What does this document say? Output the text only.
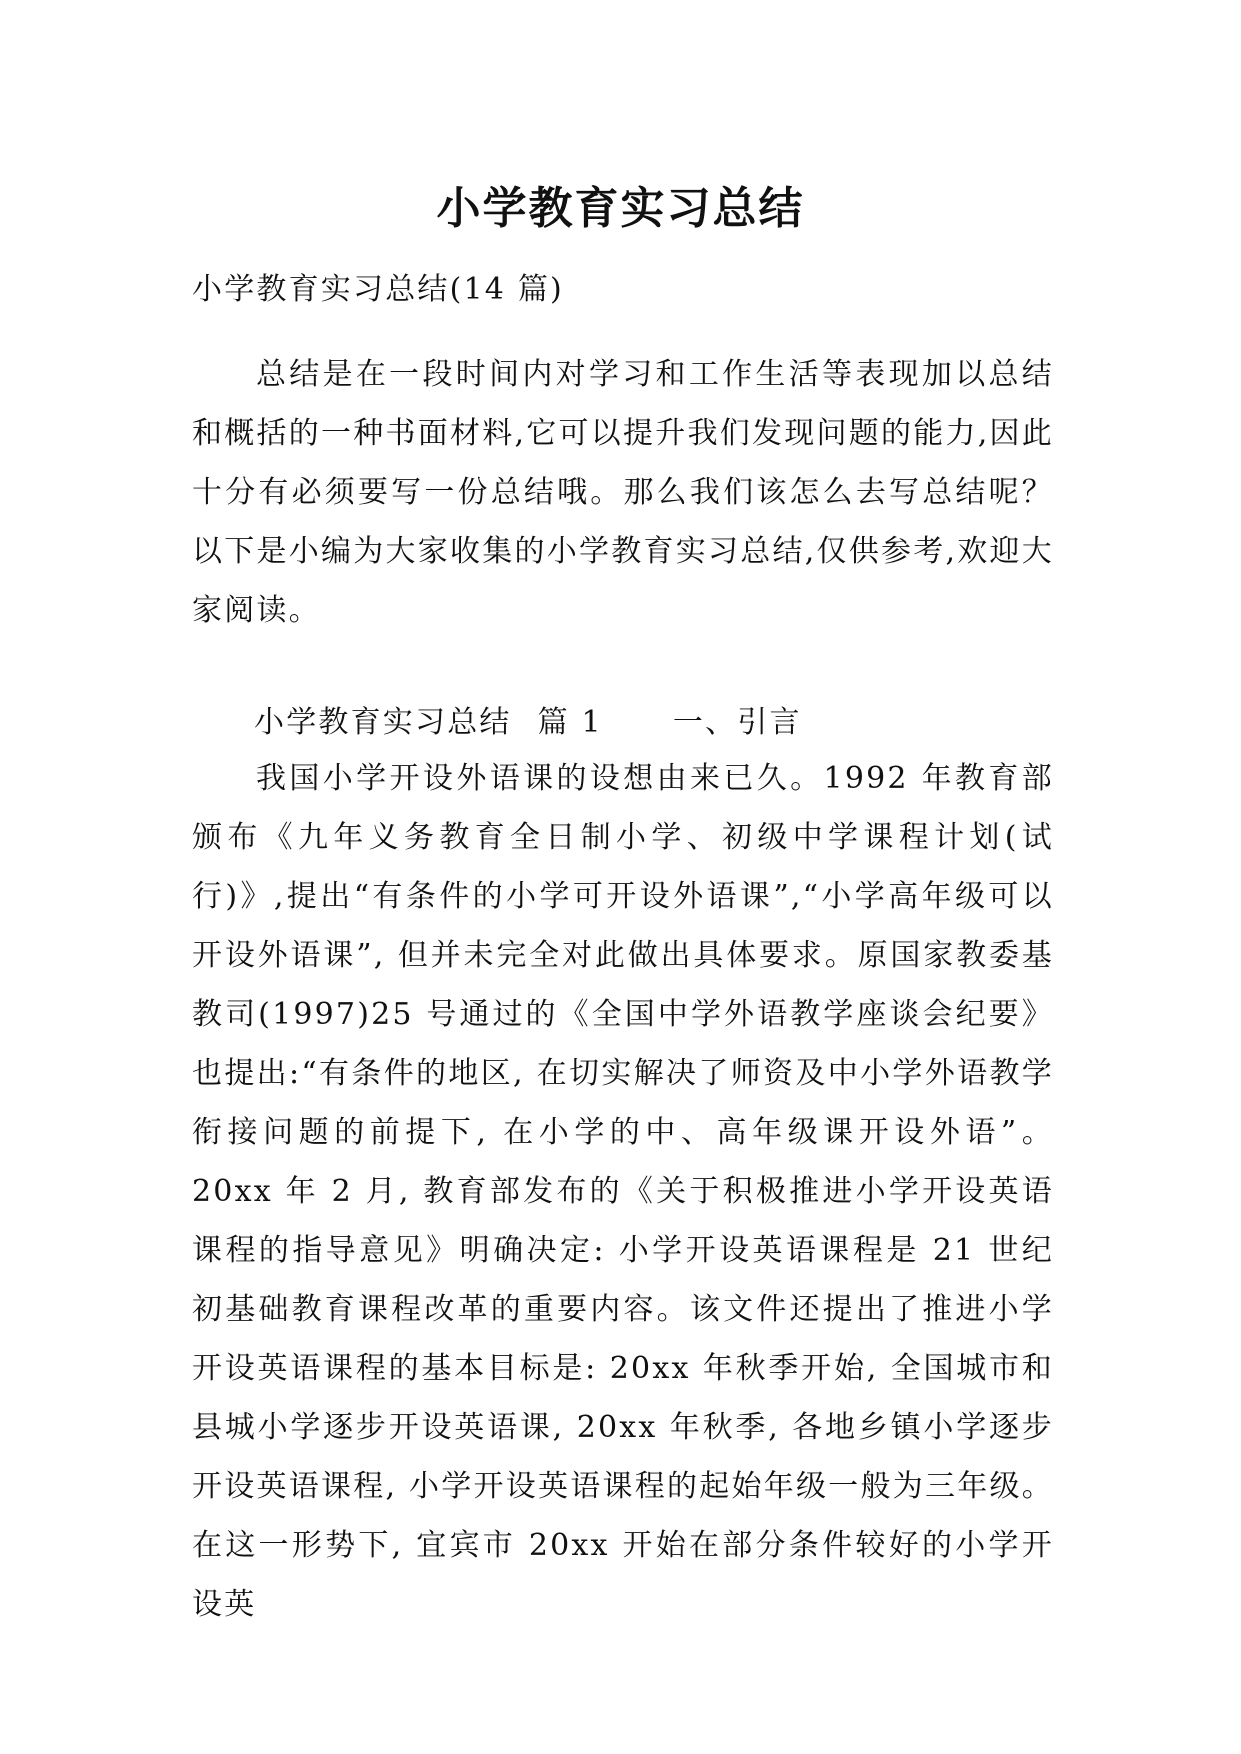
小学教育实习总结
小学教育实习总结(14 篇)

总结是在一段时间内对学习和工作生活等表现加以总结和概括的一种书面材料,它可以提升我们发现问题的能力,因此十分有必须要写一份总结哦。那么我们该怎么去写总结呢？以下是小编为大家收集的小学教育实习总结,仅供参考,欢迎大家阅读。

小学教育实习总结 篇 1 一、引言

我国小学开设外语课的设想由来已久。1992 年教育部颁布《九年义务教育全日制小学、初级中学课程计划(试行)》,提出“有条件的小学可开设外语课”,“小学高年级可以开设外语课”, 但并未完全对此做出具体要求。原国家教委基教司(1997)25 号通过的《全国中学外语教学座谈会纪要》也提出:“有条件的地区, 在切实解决了师资及中小学外语教学衔接问题的前提下, 在小学的中、高年级课开设外语”。20xx 年 2 月, 教育部发布的《关于积极推进小学开设英语课程的指导意见》明确决定: 小学开设英语课程是 21 世纪初基础教育课程改革的重要内容。该文件还提出了推进小学开设英语课程的基本目标是: 20xx 年秋季开始, 全国城市和县城小学逐步开设英语课, 20xx 年秋季, 各地乡镇小学逐步开设英语课程, 小学开设英语课程的起始年级一般为三年级。在这一形势下, 宜宾市 20xx 开始在部分条件较好的小学开设英
